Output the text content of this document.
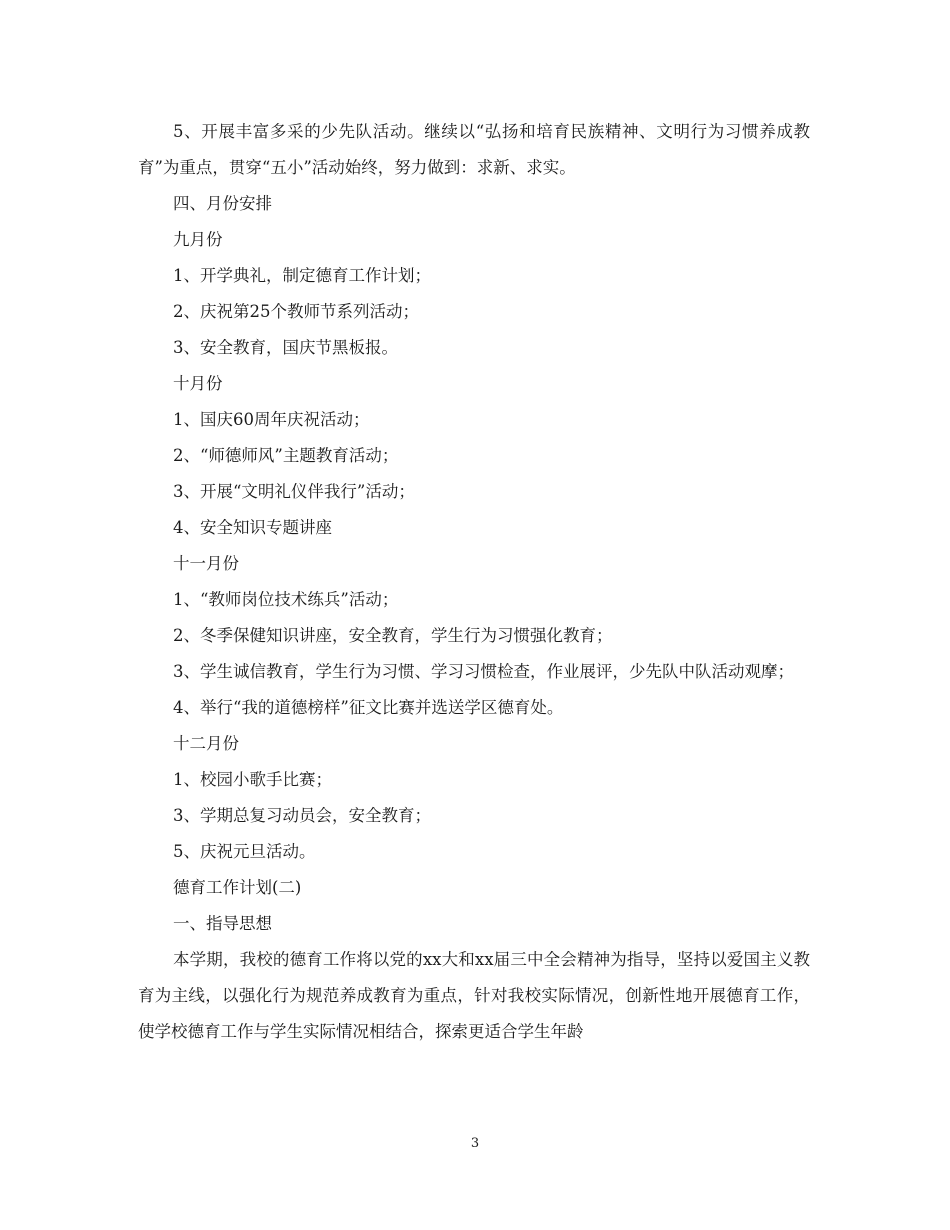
5、开展丰富多采的少先队活动。继续以“弘扬和培育民族精神、文明行为习惯养成教育”为重点，贯穿“五小”活动始终，努力做到：求新、求实。

四、月份安排

九月份

1、开学典礼，制定德育工作计划；

2、庆祝第25个教师节系列活动；

3、安全教育，国庆节黑板报。

十月份

1、国庆60周年庆祝活动；

2、“师德师风”主题教育活动；

3、开展“文明礼仪伴我行”活动；

4、安全知识专题讲座

十一月份

1、“教师岗位技术练兵”活动；

2、冬季保健知识讲座，安全教育，学生行为习惯强化教育；

3、学生诚信教育，学生行为习惯、学习习惯检查，作业展评，少先队中队活动观摩；

4、举行“我的道德榜样”征文比赛并选送学区德育处。

十二月份

1、校园小歌手比赛；

3、学期总复习动员会，安全教育；

5、庆祝元旦活动。

德育工作计划(二)

一、指导思想

本学期，我校的德育工作将以党的xx大和xx届三中全会精神为指导，坚持以爱国主义教育为主线，以强化行为规范养成教育为重点，针对我校实际情况，创新性地开展德育工作，使学校德育工作与学生实际情况相结合，探索更适合学生年龄

3
